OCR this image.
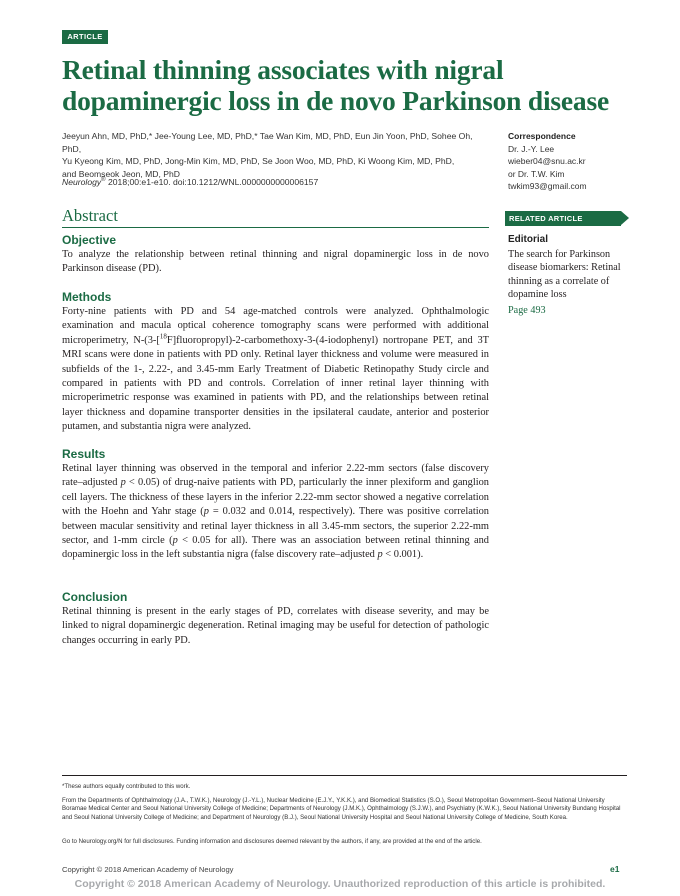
ARTICLE
Retinal thinning associates with nigral
dopaminergic loss in de novo Parkinson disease
Jeeyun Ahn, MD, PhD,* Jee-Young Lee, MD, PhD,* Tae Wan Kim, MD, PhD, Eun Jin Yoon, PhD, Sohee Oh, PhD,
Yu Kyeong Kim, MD, PhD, Jong-Min Kim, MD, PhD, Se Joon Woo, MD, PhD, Ki Woong Kim, MD, PhD,
and Beomseok Jeon, MD, PhD
Neurology® 2018;00:e1-e10. doi:10.1212/WNL.0000000000006157
Correspondence
Dr. J.-Y. Lee
wieber04@snu.ac.kr
or Dr. T.W. Kim
twkim93@gmail.com
RELATED ARTICLE
Editorial
The search for Parkinson
disease biomarkers: Retinal
thinning as a correlate of
dopamine loss
Page 493
Abstract
Objective
To analyze the relationship between retinal thinning and nigral dopaminergic loss in de novo Parkinson disease (PD).
Methods
Forty-nine patients with PD and 54 age-matched controls were analyzed. Ophthalmologic examination and macula optical coherence tomography scans were performed with additional microperimetry, N-(3-[$^{18}$F]fluoropropyl)-2-carbomethoxy-3-(4-iodophenyl) nortropane PET, and 3T MRI scans were done in patients with PD only. Retinal layer thickness and volume were measured in subfields of the 1-, 2.22-, and 3.45-mm Early Treatment of Diabetic Retinopathy Study circle and compared in patients with PD and controls. Correlation of inner retinal layer thinning with microperimetric response was examined in patients with PD, and the relationships between retinal layer thickness and dopamine transporter densities in the ipsilateral caudate, anterior and posterior putamen, and substantia nigra were analyzed.
Results
Retinal layer thinning was observed in the temporal and inferior 2.22-mm sectors (false discovery rate–adjusted p < 0.05) of drug-naive patients with PD, particularly the inner plexiform and ganglion cell layers. The thickness of these layers in the inferior 2.22-mm sector showed a negative correlation with the Hoehn and Yahr stage (p = 0.032 and 0.014, respectively). There was positive correlation between macular sensitivity and retinal layer thickness in all 3.45-mm sectors, the superior 2.22-mm sector, and 1-mm circle (p < 0.05 for all). There was an association between retinal thinning and dopaminergic loss in the left substantia nigra (false discovery rate–adjusted p < 0.001).
Conclusion
Retinal thinning is present in the early stages of PD, correlates with disease severity, and may be linked to nigral dopaminergic degeneration. Retinal imaging may be useful for detection of pathologic changes occurring in early PD.
*These authors equally contributed to this work.
From the Departments of Ophthalmology (J.A., T.W.K.), Neurology (J.-Y.L.), Nuclear Medicine (E.J.Y., Y.K.K.), and Biomedical Statistics (S.O.), Seoul Metropolitan Government–Seoul National University Boramae Medical Center and Seoul National University College of Medicine; Departments of Neurology (J.M.K.), Ophthalmology (S.J.W.), and Psychiatry (K.W.K.), Seoul National University Bundang Hospital and Seoul National University College of Medicine; and Department of Neurology (B.J.), Seoul National University Hospital and Seoul National University College of Medicine, South Korea.
Go to Neurology.org/N for full disclosures. Funding information and disclosures deemed relevant by the authors, if any, are provided at the end of the article.
Copyright © 2018 American Academy of Neurology	e1
Copyright © 2018 American Academy of Neurology. Unauthorized reproduction of this article is prohibited.
